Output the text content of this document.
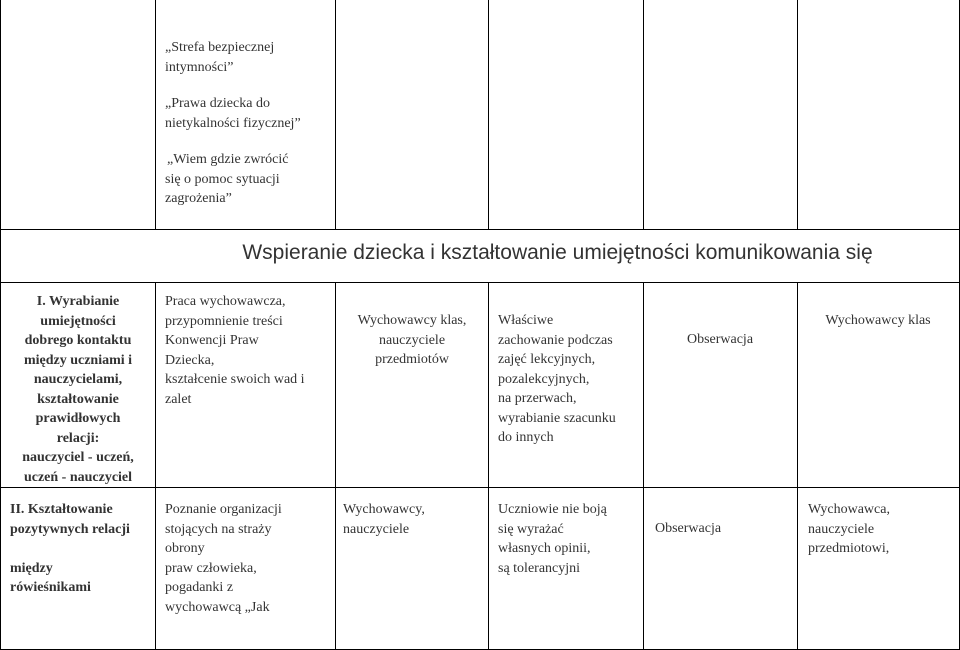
„Strefa bezpiecznej
intymności”
„Prawa dziecka do
nietykalności fizycznej”
„Wiem gdzie zwrócić
się o pomoc sytuacji
zagrożenia”
Wspieranie dziecka i kształtowanie umiejętności komunikowania się
I. Wyrabianie
umiejętności
dobrego kontaktu
między uczniami i
nauczycielami,
kształtowanie
prawidłowych
relacji:
nauczyciel - uczeń,
uczeń - nauczyciel
Praca wychowawcza,
przypomnienie treści
Konwencji Praw
Dziecka,
kształcenie swoich wad i
zalet
Wychowawcy klas,
nauczyciele
przedmiotów
Właściwe
zachowanie podczas
zajęć lekcyjnych,
pozalekcyjnych,
na przerwach,
wyrabianie szacunku
do innych
Obserwacja
Wychowawcy klas
II. Kształtowanie
pozytywnych relacji
między
rówieśnikami
Poznanie organizacji
stojących na straży
obrony
praw człowieka,
pogadanki z
wychowawcą „Jak
Wychowawcy,
nauczyciele
Uczniowie nie boją
się wyrażać
własnych opinii,
są tolerancyjni
Obserwacja
Wychowawca,
nauczyciele
przedmiotowi,
